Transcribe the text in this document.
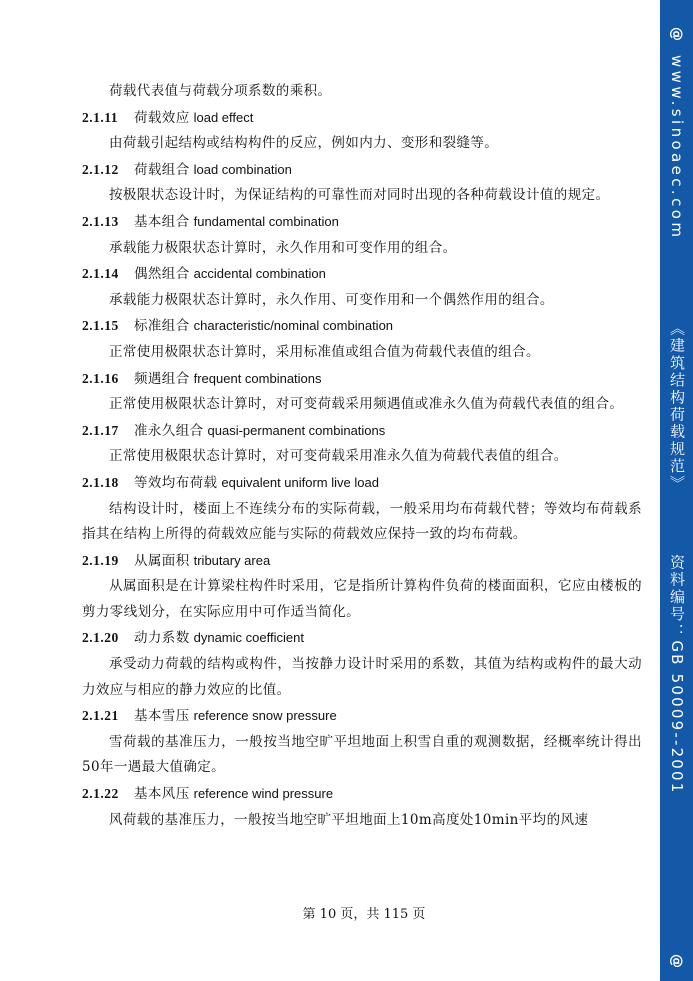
荷载代表值与荷载分项系数的乘积。

2.1.11 荷载效应 load effect

由荷载引起结构或结构构件的反应，例如内力、变形和裂缝等。

2.1.12 荷载组合 load combination

按极限状态设计时，为保证结构的可靠性而对同时出现的各种荷载设计值的规定。

2.1.13 基本组合 fundamental combination

承载能力极限状态计算时，永久作用和可变作用的组合。

2.1.14 偶然组合 accidental combination

承载能力极限状态计算时，永久作用、可变作用和一个偶然作用的组合。

2.1.15 标准组合 characteristic/nominal combination

正常使用极限状态计算时，采用标准值或组合值为荷载代表值的组合。

2.1.16 频遇组合 frequent combinations

正常使用极限状态计算时，对可变荷载采用频遇值或准永久值为荷载代表值的组合。

2.1.17 准永久组合 quasi-permanent combinations

正常使用极限状态计算时，对可变荷载采用准永久值为荷载代表值的组合。

2.1.18 等效均布荷载 equivalent uniform live load

结构设计时，楼面上不连续分布的实际荷载，一般采用均布荷载代替；等效均布荷载系指其在结构上所得的荷载效应能与实际的荷载效应保持一致的均布荷载。

2.1.19 从属面积 tributary area

从属面积是在计算梁柱构件时采用，它是指所计算构件负荷的楼面面积，它应由楼板的剪力零线划分，在实际应用中可作适当简化。

2.1.20 动力系数 dynamic coefficient

承受动力荷载的结构或构件，当按静力设计时采用的系数，其值为结构或构件的最大动力效应与相应的静力效应的比值。

2.1.21 基本雪压 reference snow pressure

雪荷载的基准压力，一般按当地空旷平坦地面上积雪自重的观测数据，经概率统计得出50年一遇最大值确定。

2.1.22 基本风压 reference wind pressure

风荷载的基准压力，一般按当地空旷平坦地面上10m高度处10min平均的风速

第 10 页，共 115 页
@
www.sinoaec.com《建筑结构荷载规范》资料编号：GB 50009--2001
@
